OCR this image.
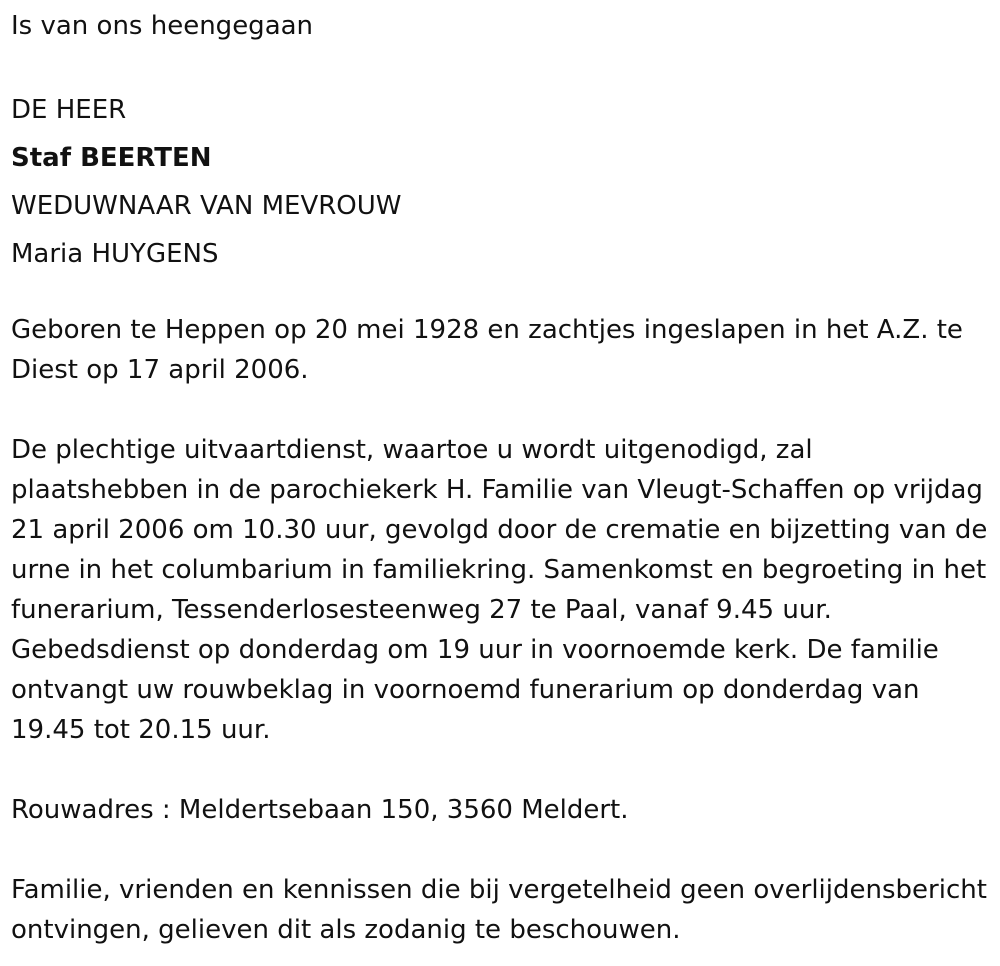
Is van ons heengegaan

DE HEER

Staf BEERTEN

WEDUWNAAR VAN MEVROUW

Maria HUYGENS

Geboren te Heppen op 20 mei 1928 en zachtjes ingeslapen in het A.Z. te Diest op 17 april 2006.

De plechtige uitvaartdienst, waartoe u wordt uitgenodigd, zal plaatshebben in de parochiekerk H. Familie van Vleugt-Schaffen op vrijdag 21 april 2006 om 10.30 uur, gevolgd door de crematie en bijzetting van de urne in het columbarium in familiekring. Samenkomst en begroeting in het funerarium, Tessenderlosesteenweg 27 te Paal, vanaf 9.45 uur. Gebedsdienst op donderdag om 19 uur in voornoemde kerk. De familie ontvangt uw rouwbeklag in voornoemd funerarium op donderdag van 19.45 tot 20.15 uur.

Rouwadres : Meldertsebaan 150, 3560 Meldert.

Familie, vrienden en kennissen die bij vergetelheid geen overlijdensbericht ontvingen, gelieven dit als zodanig te beschouwen.
